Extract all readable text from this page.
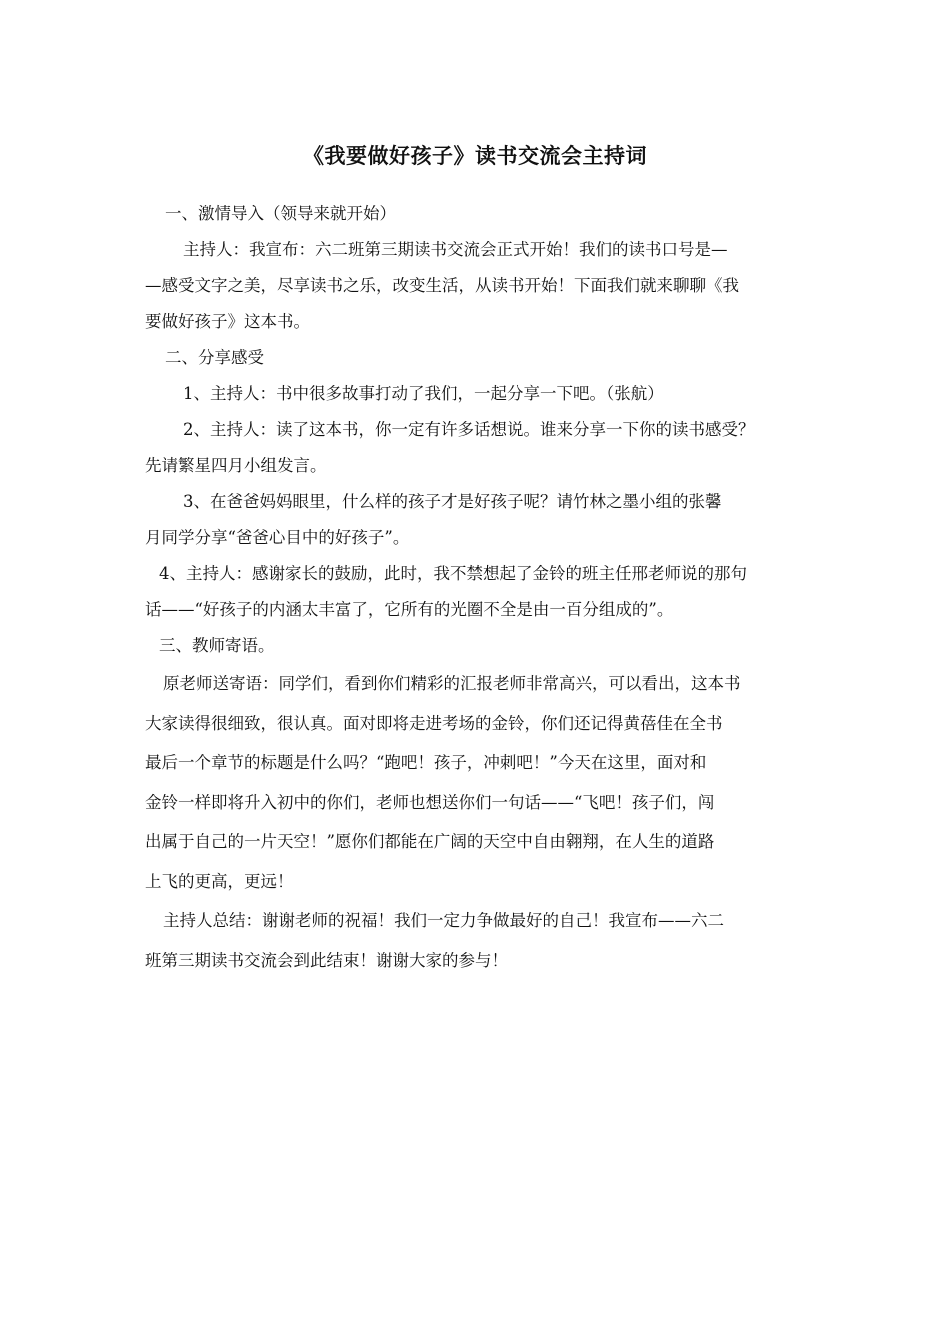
《我要做好孩子》读书交流会主持词
一、激情导入（领导来就开始）
主持人：我宣布：六二班第三期读书交流会正式开始！我们的读书口号是—
—感受文字之美，尽享读书之乐，改变生活，从读书开始！下面我们就来聊聊《我
要做好孩子》这本书。
二、分享感受
1、主持人：书中很多故事打动了我们，一起分享一下吧。（张航）
2、主持人：读了这本书，你一定有许多话想说。谁来分享一下你的读书感受？
先请繁星四月小组发言。
3、在爸爸妈妈眼里，什么样的孩子才是好孩子呢？请竹林之墨小组的张馨
月同学分享“爸爸心目中的好孩子”。
4、主持人：感谢家长的鼓励，此时，我不禁想起了金铃的班主任邢老师说的那句
话——“好孩子的内涵太丰富了，它所有的光圈不全是由一百分组成的”。
三、教师寄语。
原老师送寄语：同学们，看到你们精彩的汇报老师非常高兴，可以看出，这本书
大家读得很细致，很认真。面对即将走进考场的金铃，你们还记得黄蓓佳在全书
最后一个章节的标题是什么吗？“跑吧！孩子，冲刺吧！”今天在这里，面对和
金铃一样即将升入初中的你们，老师也想送你们一句话——“飞吧！孩子们，闯
出属于自己的一片天空！”愿你们都能在广阔的天空中自由翱翔，在人生的道路
上飞的更高，更远！
主持人总结：谢谢老师的祝福！我们一定力争做最好的自己！我宣布——六二
班第三期读书交流会到此结束！谢谢大家的参与！
